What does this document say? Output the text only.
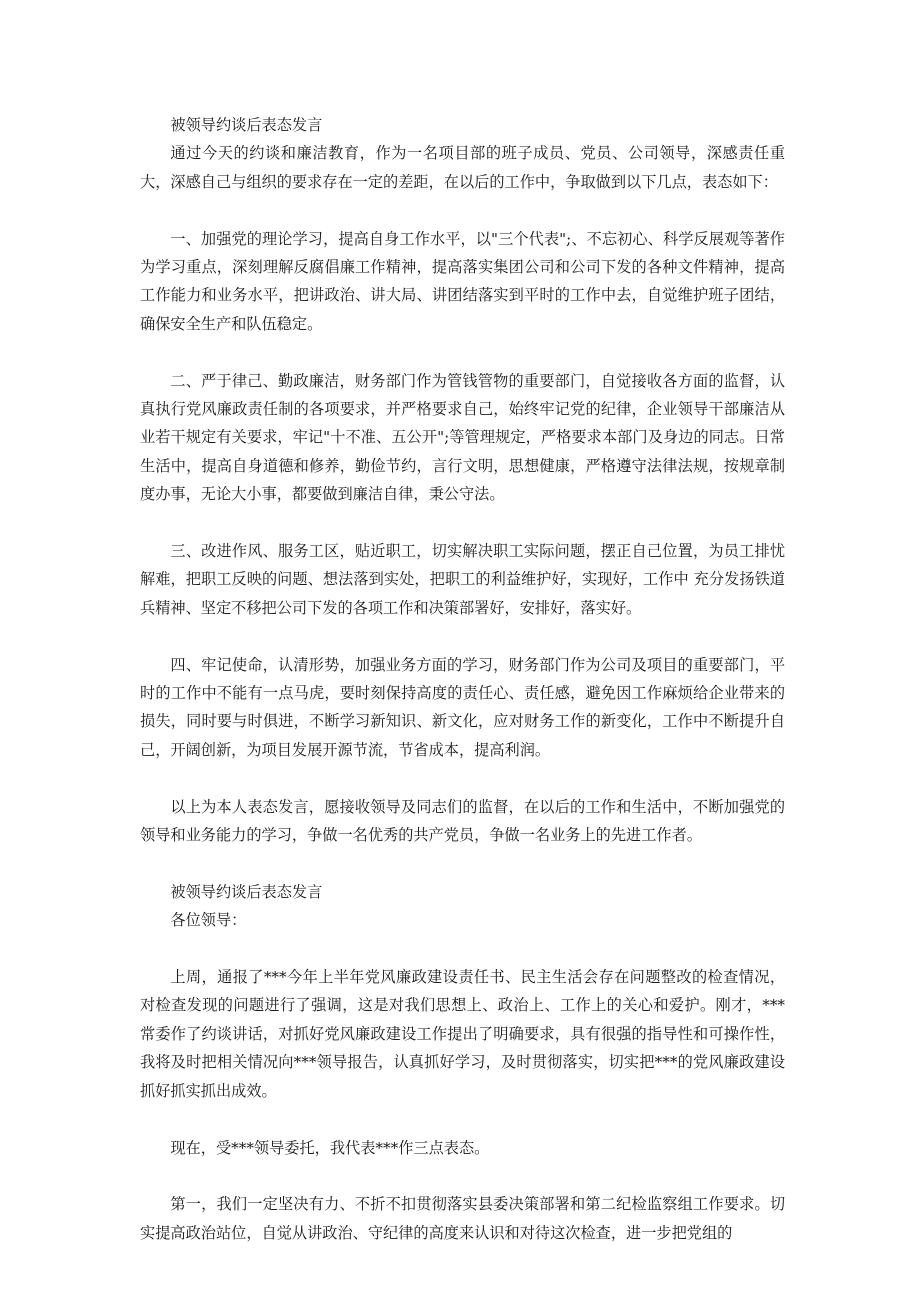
被领导约谈后表态发言

通过今天的约谈和廉洁教育，作为一名项目部的班子成员、党员、公司领导，深感责任重大，深感自己与组织的要求存在一定的差距，在以后的工作中，争取做到以下几点，表态如下：

一、加强党的理论学习，提高自身工作水平，以"三个代表";、不忘初心、科学反展观等著作为学习重点，深刻理解反腐倡廉工作精神，提高落实集团公司和公司下发的各种文件精神，提高工作能力和业务水平，把讲政治、讲大局、讲团结落实到平时的工作中去，自觉维护班子团结，确保安全生产和队伍稳定。

二、严于律己、勤政廉洁，财务部门作为管钱管物的重要部门，自觉接收各方面的监督，认真执行党风廉政责任制的各项要求，并严格要求自己，始终牢记党的纪律，企业领导干部廉洁从业若干规定有关要求，牢记"十不准、五公开";等管理规定，严格要求本部门及身边的同志。日常生活中，提高自身道德和修养，勤俭节约，言行文明，思想健康，严格遵守法律法规，按规章制度办事，无论大小事，都要做到廉洁自律，秉公守法。

三、改进作风、服务工区，贴近职工，切实解决职工实际问题，摆正自己位置，为员工排忧解难，把职工反映的问题、想法落到实处，把职工的利益维护好，实现好，工作中 充分发扬铁道兵精神、坚定不移把公司下发的各项工作和决策部署好，安排好，落实好。

四、牢记使命，认清形势，加强业务方面的学习，财务部门作为公司及项目的重要部门，平时的工作中不能有一点马虎，要时刻保持高度的责任心、责任感，避免因工作麻烦给企业带来的损失，同时要与时俱进，不断学习新知识、新文化，应对财务工作的新变化，工作中不断提升自己，开阔创新，为项目发展开源节流，节省成本，提高利润。

以上为本人表态发言，愿接收领导及同志们的监督，在以后的工作和生活中，不断加强党的领导和业务能力的学习，争做一名优秀的共产党员，争做一名业务上的先进工作者。

被领导约谈后表态发言

各位领导：

上周，通报了***今年上半年党风廉政建设责任书、民主生活会存在问题整改的检查情况，对检查发现的问题进行了强调，这是对我们思想上、政治上、工作上的关心和爱护。刚才，***常委作了约谈讲话，对抓好党风廉政建设工作提出了明确要求，具有很强的指导性和可操作性，我将及时把相关情况向***领导报告，认真抓好学习，及时贯彻落实，切实把***的党风廉政建设抓好抓实抓出成效。

现在，受***领导委托，我代表***作三点表态。

第一，我们一定坚决有力、不折不扣贯彻落实县委决策部署和第二纪检监察组工作要求。切实提高政治站位，自觉从讲政治、守纪律的高度来认识和对待这次检查，进一步把党组的
